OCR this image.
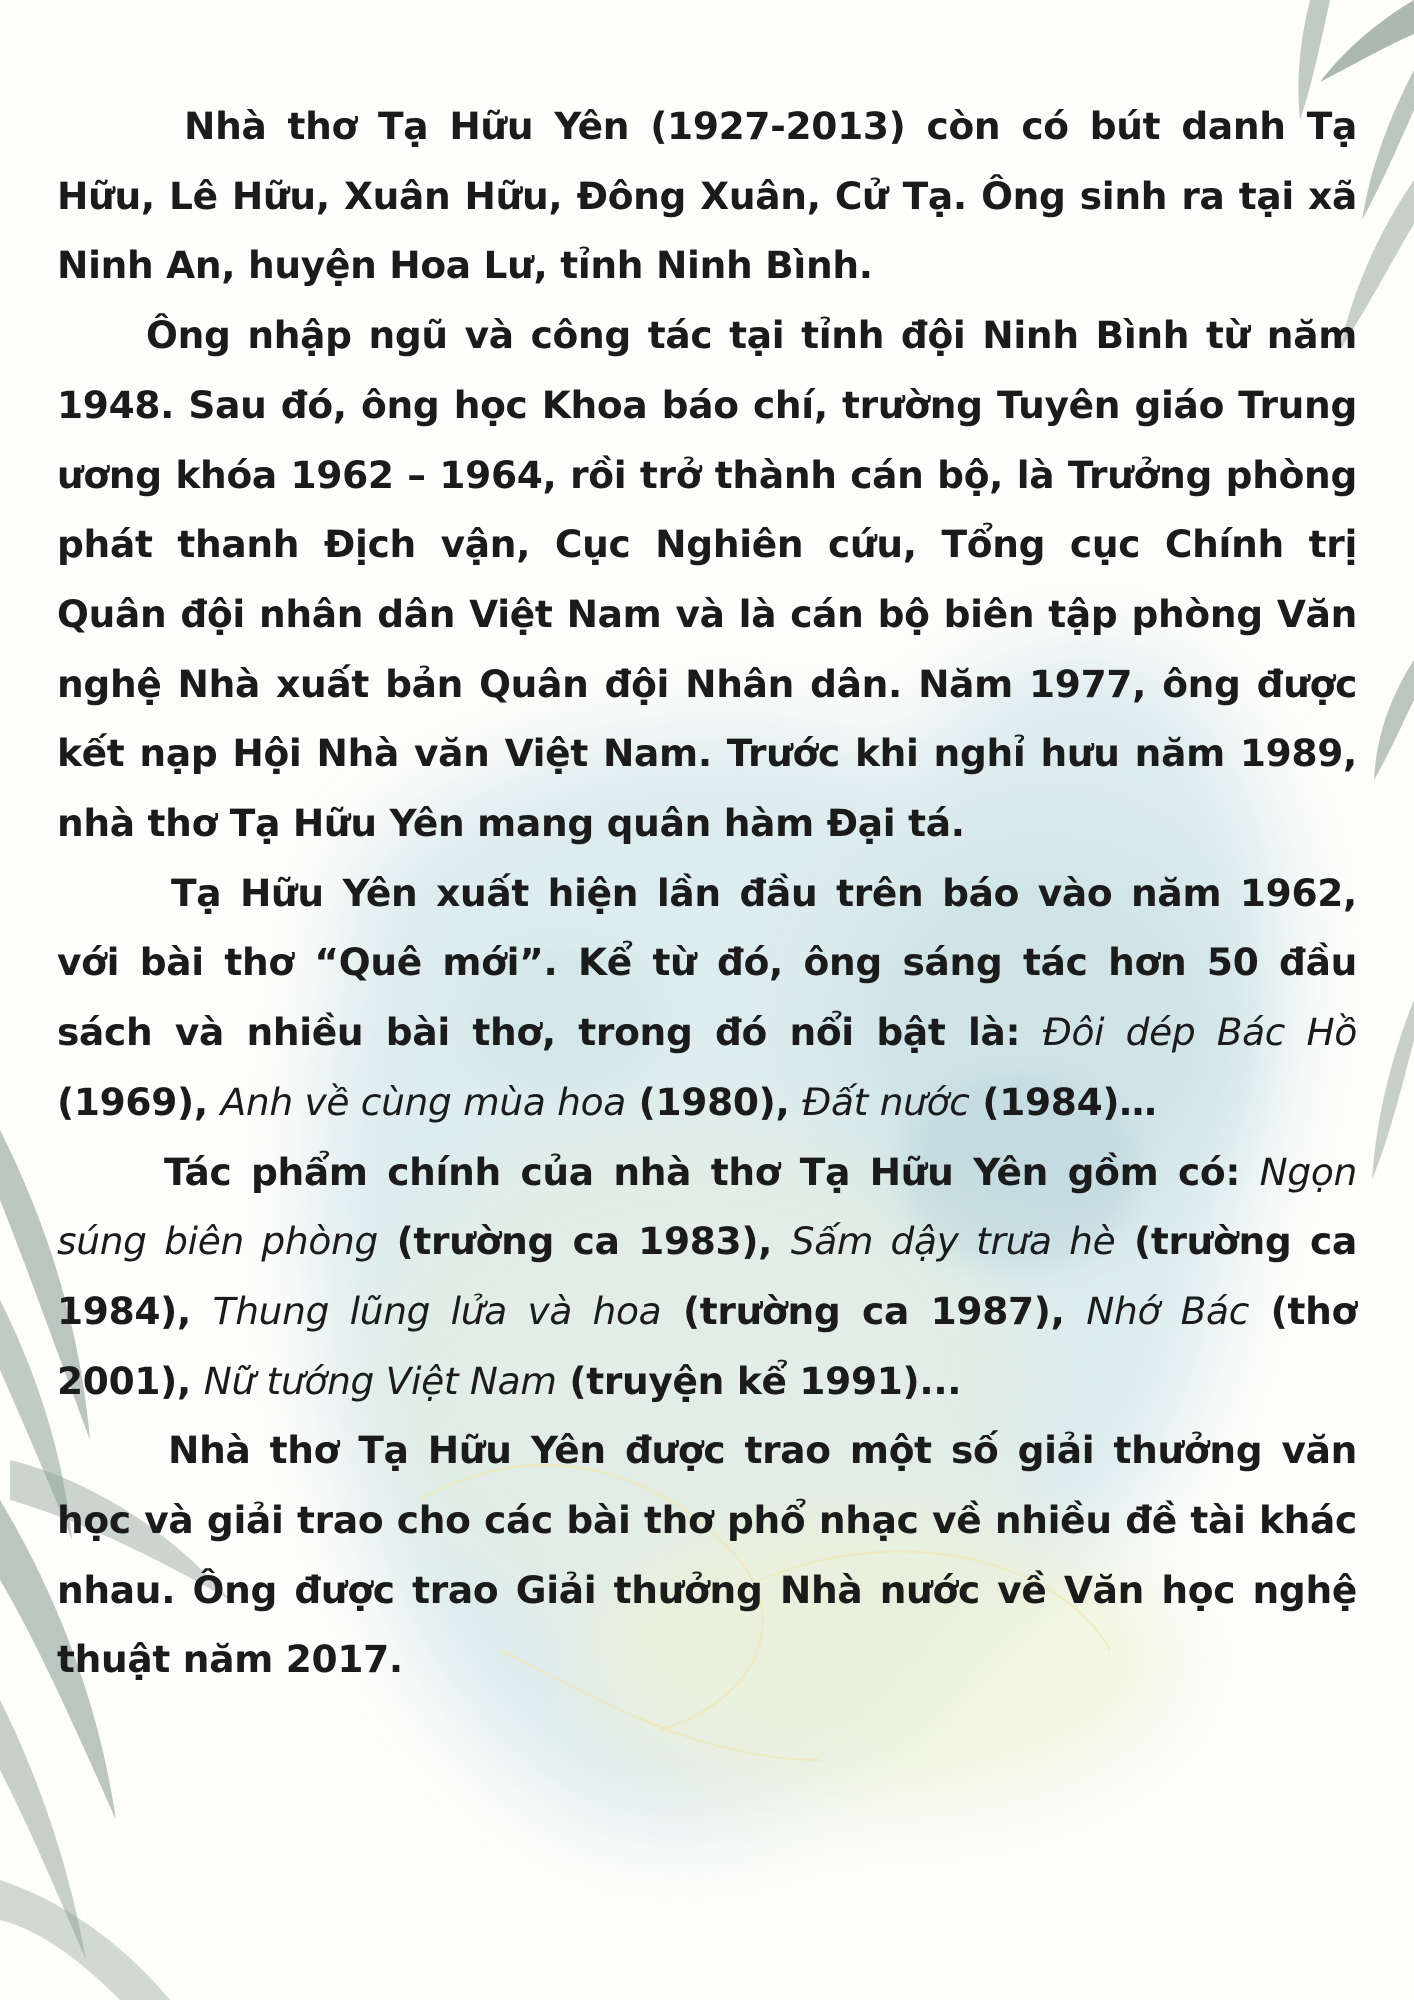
Nhà thơ Tạ Hữu Yên (1927-2013) còn có bút danh Tạ Hữu, Lê Hữu, Xuân Hữu, Đông Xuân, Cử Tạ. Ông sinh ra tại xã Ninh An, huyện Hoa Lư, tỉnh Ninh Bình.

Ông nhập ngũ và công tác tại tỉnh đội Ninh Bình từ năm 1948. Sau đó, ông học Khoa báo chí, trường Tuyên giáo Trung ương khóa 1962 – 1964, rồi trở thành cán bộ, là Trưởng phòng phát thanh Địch vận, Cục Nghiên cứu, Tổng cục Chính trị Quân đội nhân dân Việt Nam và là cán bộ biên tập phòng Văn nghệ Nhà xuất bản Quân đội Nhân dân. Năm 1977, ông được kết nạp Hội Nhà văn Việt Nam. Trước khi nghỉ hưu năm 1989, nhà thơ Tạ Hữu Yên mang quân hàm Đại tá.

Tạ Hữu Yên xuất hiện lần đầu trên báo vào năm 1962, với bài thơ “Quê mới”. Kể từ đó, ông sáng tác hơn 50 đầu sách và nhiều bài thơ, trong đó nổi bật là: Đôi dép Bác Hồ (1969), Anh về cùng mùa hoa (1980), Đất nước (1984)…

Tác phẩm chính của nhà thơ Tạ Hữu Yên gồm có: Ngọn súng biên phòng (trường ca 1983), Sấm dậy trưa hè (trường ca 1984), Thung lũng lửa và hoa (trường ca 1987), Nhớ Bác (thơ 2001), Nữ tướng Việt Nam (truyện kể 1991)...

Nhà thơ Tạ Hữu Yên được trao một số giải thưởng văn học và giải trao cho các bài thơ phổ nhạc về nhiều đề tài khác nhau. Ông được trao Giải thưởng Nhà nước về Văn học nghệ thuật năm 2017.
